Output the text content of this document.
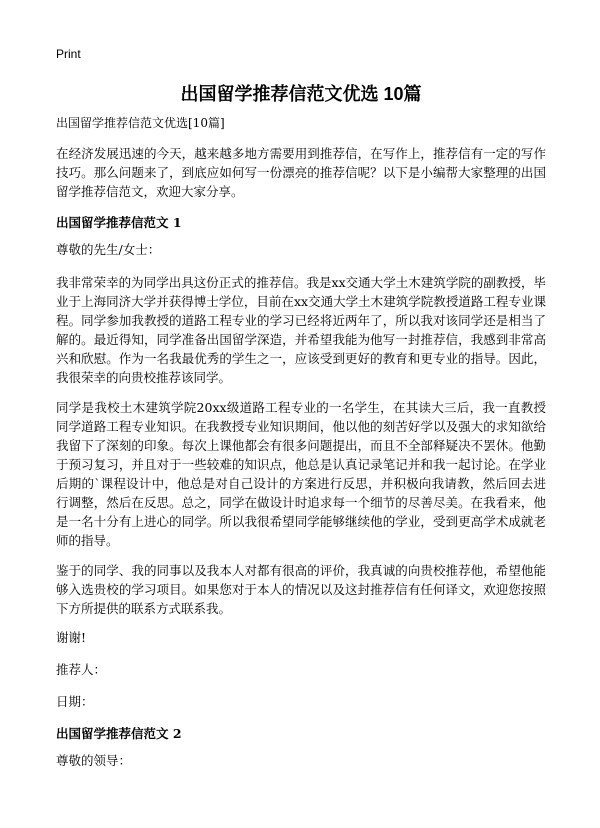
Print
出国留学推荐信范文优选 10篇
出国留学推荐信范文优选[10篇]

在经济发展迅速的今天，越来越多地方需要用到推荐信，在写作上，推荐信有一定的写作技巧。那么问题来了，到底应如何写一份漂亮的推荐信呢？以下是小编帮大家整理的出国留学推荐信范文，欢迎大家分享。

出国留学推荐信范文 1

尊敬的先生/女士：

我非常荣幸的为同学出具这份正式的推荐信。我是xx交通大学土木建筑学院的副教授，毕业于上海同济大学并获得博士学位，目前在xx交通大学土木建筑学院教授道路工程专业课程。同学参加我教授的道路工程专业的学习已经将近两年了，所以我对该同学还是相当了解的。最近得知，同学准备出国留学深造，并希望我能为他写一封推荐信，我感到非常高兴和欣慰。作为一名我最优秀的学生之一，应该受到更好的教育和更专业的指导。因此，我很荣幸的向贵校推荐该同学。

同学是我校土木建筑学院20xx级道路工程专业的一名学生，在其读大三后，我一直教授同学道路工程专业知识。在我教授专业知识期间，他以他的刻苦好学以及强大的求知欲给我留下了深刻的印象。每次上课他都会有很多问题提出，而且不全部释疑决不罢休。他勤于预习复习，并且对于一些较难的知识点，他总是认真记录笔记并和我一起讨论。在学业后期的`课程设计中，他总是对自己设计的方案进行反思，并积极向我请教，然后回去进行调整，然后在反思。总之，同学在做设计时追求每一个细节的尽善尽美。在我看来，他是一名十分有上进心的同学。所以我很希望同学能够继续他的学业，受到更高学术成就老师的指导。

鉴于的同学、我的同事以及我本人对都有很高的评价，我真诚的向贵校推荐他，希望他能够入选贵校的学习项目。如果您对于本人的情况以及这封推荐信有任何译文，欢迎您按照下方所提供的联系方式联系我。

谢谢!

推荐人：

日期：

出国留学推荐信范文 2

尊敬的领导：
